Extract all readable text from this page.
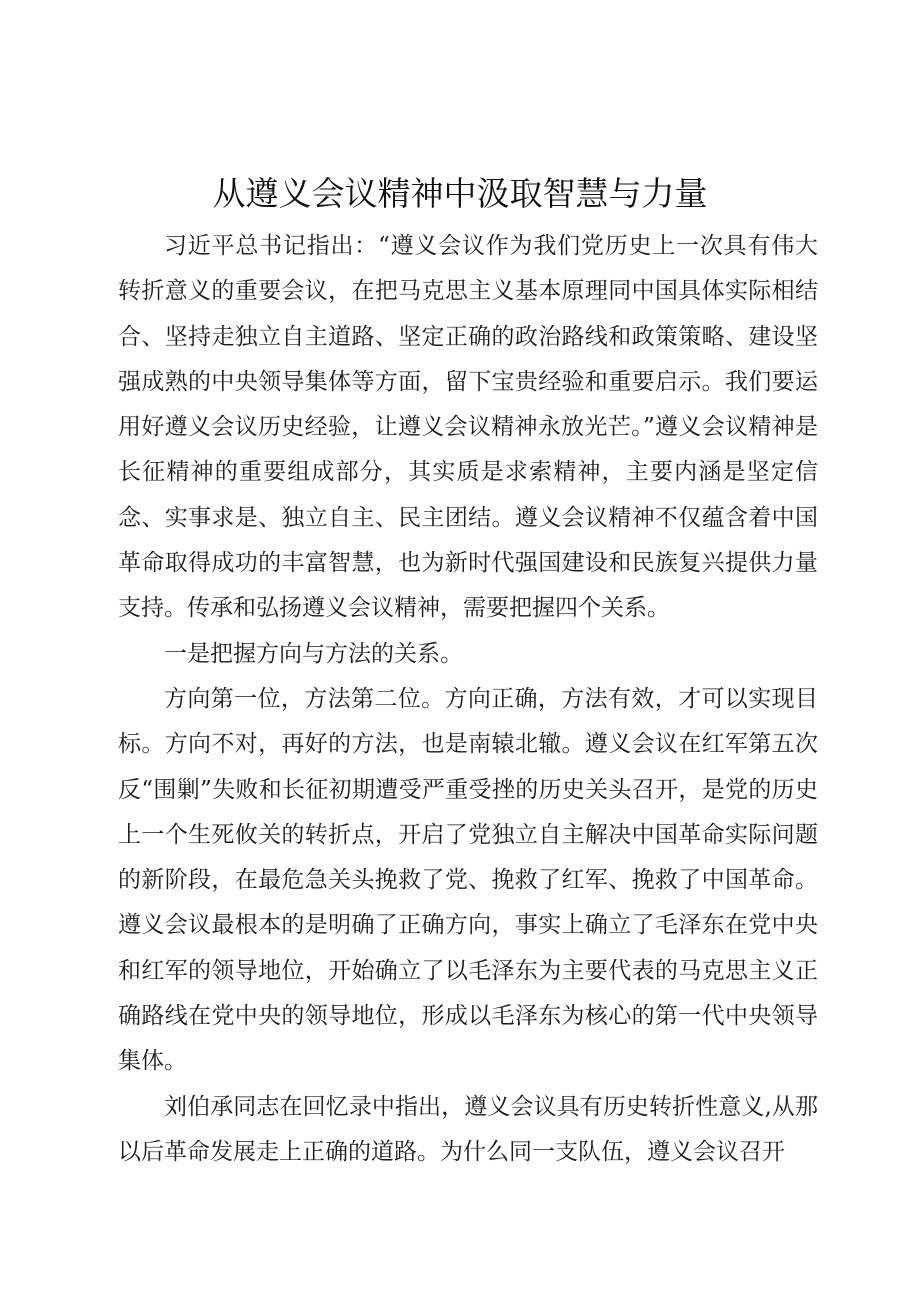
从遵义会议精神中汲取智慧与力量

习近平总书记指出：“遵义会议作为我们党历史上一次具有伟大转折意义的重要会议，在把马克思主义基本原理同中国具体实际相结合、坚持走独立自主道路、坚定正确的政治路线和政策策略、建设坚强成熟的中央领导集体等方面，留下宝贵经验和重要启示。我们要运用好遵义会议历史经验，让遵义会议精神永放光芒。”遵义会议精神是长征精神的重要组成部分，其实质是求索精神，主要内涵是坚定信念、实事求是、独立自主、民主团结。遵义会议精神不仅蕴含着中国革命取得成功的丰富智慧，也为新时代强国建设和民族复兴提供力量支持。传承和弘扬遵义会议精神，需要把握四个关系。

一是把握方向与方法的关系。

方向第一位，方法第二位。方向正确，方法有效，才可以实现目标。方向不对，再好的方法，也是南辕北辙。遵义会议在红军第五次反“围剿”失败和长征初期遭受严重受挫的历史关头召开，是党的历史上一个生死攸关的转折点，开启了党独立自主解决中国革命实际问题的新阶段，在最危急关头挽救了党、挽救了红军、挽救了中国革命。遵义会议最根本的是明确了正确方向，事实上确立了毛泽东在党中央和红军的领导地位，开始确立了以毛泽东为主要代表的马克思主义正确路线在党中央的领导地位，形成以毛泽东为核心的第一代中央领导集体。

刘伯承同志在回忆录中指出，遵义会议具有历史转折性意义,从那以后革命发展走上正确的道路。为什么同一支队伍，遵义会议召开
